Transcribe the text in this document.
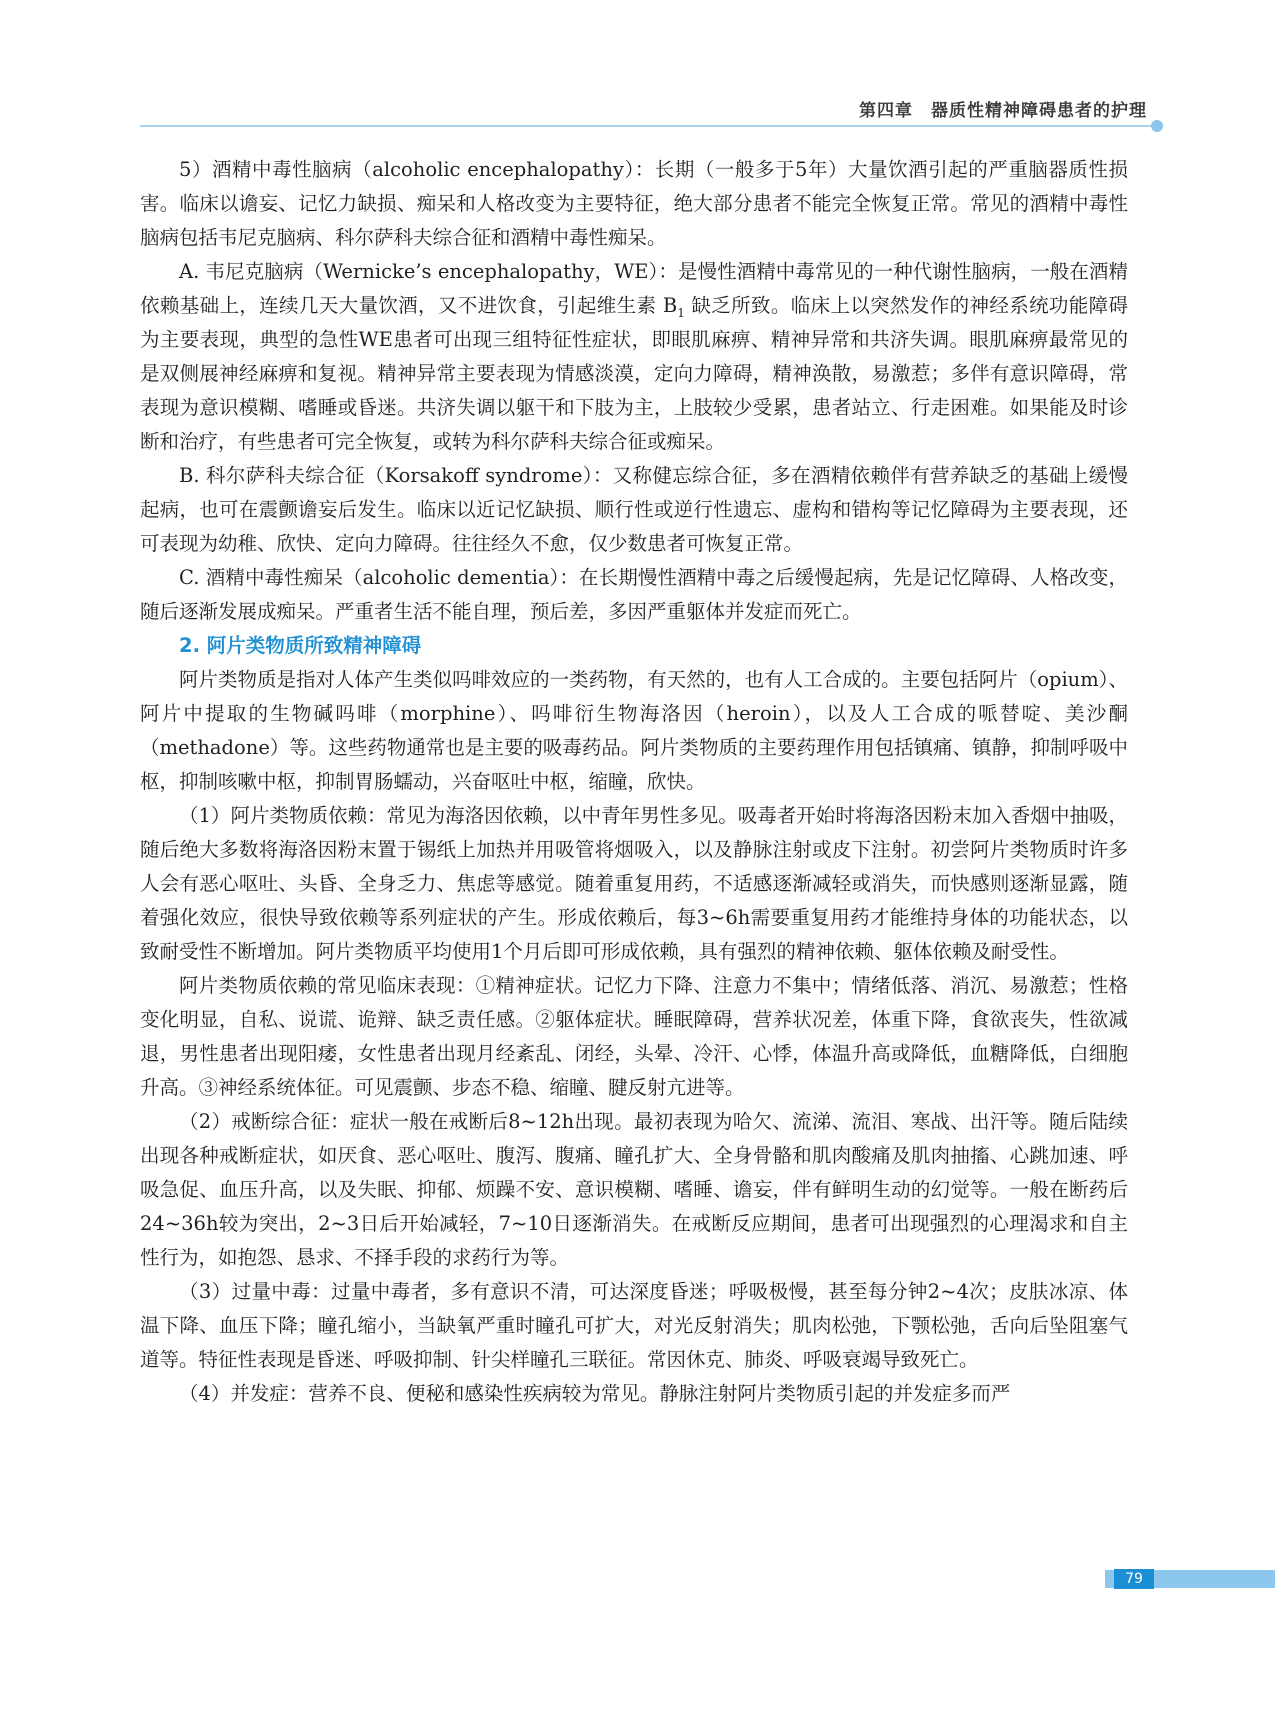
第四章　器质性精神障碍患者的护理

5）酒精中毒性脑病（alcoholic encephalopathy）：长期（一般多于5年）大量饮酒引起的严重脑器质性损害。临床以谵妄、记忆力缺损、痴呆和人格改变为主要特征，绝大部分患者不能完全恢复正常。常见的酒精中毒性脑病包括韦尼克脑病、科尔萨科夫综合征和酒精中毒性痴呆。

A. 韦尼克脑病（Wernicke’s encephalopathy，WE）：是慢性酒精中毒常见的一种代谢性脑病，一般在酒精依赖基础上，连续几天大量饮酒，又不进饮食，引起维生素 $B_1$ 缺乏所致。临床上以突然发作的神经系统功能障碍为主要表现，典型的急性WE患者可出现三组特征性症状，即眼肌麻痹、精神异常和共济失调。眼肌麻痹最常见的是双侧展神经麻痹和复视。精神异常主要表现为情感淡漠，定向力障碍，精神涣散，易激惹；多伴有意识障碍，常表现为意识模糊、嗜睡或昏迷。共济失调以躯干和下肢为主，上肢较少受累，患者站立、行走困难。如果能及时诊断和治疗，有些患者可完全恢复，或转为科尔萨科夫综合征或痴呆。

B. 科尔萨科夫综合征（Korsakoff syndrome）：又称健忘综合征，多在酒精依赖伴有营养缺乏的基础上缓慢起病，也可在震颤谵妄后发生。临床以近记忆缺损、顺行性或逆行性遗忘、虚构和错构等记忆障碍为主要表现，还可表现为幼稚、欣快、定向力障碍。往往经久不愈，仅少数患者可恢复正常。

C. 酒精中毒性痴呆（alcoholic dementia）：在长期慢性酒精中毒之后缓慢起病，先是记忆障碍、人格改变，随后逐渐发展成痴呆。严重者生活不能自理，预后差，多因严重躯体并发症而死亡。

2. 阿片类物质所致精神障碍

阿片类物质是指对人体产生类似吗啡效应的一类药物，有天然的，也有人工合成的。主要包括阿片（opium）、阿片中提取的生物碱吗啡（morphine）、吗啡衍生物海洛因（heroin），以及人工合成的哌替啶、美沙酮（methadone）等。这些药物通常也是主要的吸毒药品。阿片类物质的主要药理作用包括镇痛、镇静，抑制呼吸中枢，抑制咳嗽中枢，抑制胃肠蠕动，兴奋呕吐中枢，缩瞳，欣快。

（1）阿片类物质依赖：常见为海洛因依赖，以中青年男性多见。吸毒者开始时将海洛因粉末加入香烟中抽吸，随后绝大多数将海洛因粉末置于锡纸上加热并用吸管将烟吸入，以及静脉注射或皮下注射。初尝阿片类物质时许多人会有恶心呕吐、头昏、全身乏力、焦虑等感觉。随着重复用药，不适感逐渐减轻或消失，而快感则逐渐显露，随着强化效应，很快导致依赖等系列症状的产生。形成依赖后，每3~6h需要重复用药才能维持身体的功能状态，以致耐受性不断增加。阿片类物质平均使用1个月后即可形成依赖，具有强烈的精神依赖、躯体依赖及耐受性。

阿片类物质依赖的常见临床表现：①精神症状。记忆力下降、注意力不集中；情绪低落、消沉、易激惹；性格变化明显，自私、说谎、诡辩、缺乏责任感。②躯体症状。睡眠障碍，营养状况差，体重下降，食欲丧失，性欲减退，男性患者出现阳痿，女性患者出现月经紊乱、闭经，头晕、冷汗、心悸，体温升高或降低，血糖降低，白细胞升高。③神经系统体征。可见震颤、步态不稳、缩瞳、腱反射亢进等。

（2）戒断综合征：症状一般在戒断后8~12h出现。最初表现为哈欠、流涕、流泪、寒战、出汗等。随后陆续出现各种戒断症状，如厌食、恶心呕吐、腹泻、腹痛、瞳孔扩大、全身骨骼和肌肉酸痛及肌肉抽搐、心跳加速、呼吸急促、血压升高，以及失眠、抑郁、烦躁不安、意识模糊、嗜睡、谵妄，伴有鲜明生动的幻觉等。一般在断药后24~36h较为突出，2~3日后开始减轻，7~10日逐渐消失。在戒断反应期间，患者可出现强烈的心理渴求和自主性行为，如抱怨、恳求、不择手段的求药行为等。

（3）过量中毒：过量中毒者，多有意识不清，可达深度昏迷；呼吸极慢，甚至每分钟2~4次；皮肤冰凉、体温下降、血压下降；瞳孔缩小，当缺氧严重时瞳孔可扩大，对光反射消失；肌肉松弛，下颚松弛，舌向后坠阻塞气道等。特征性表现是昏迷、呼吸抑制、针尖样瞳孔三联征。常因休克、肺炎、呼吸衰竭导致死亡。

（4）并发症：营养不良、便秘和感染性疾病较为常见。静脉注射阿片类物质引起的并发症多而严

79
